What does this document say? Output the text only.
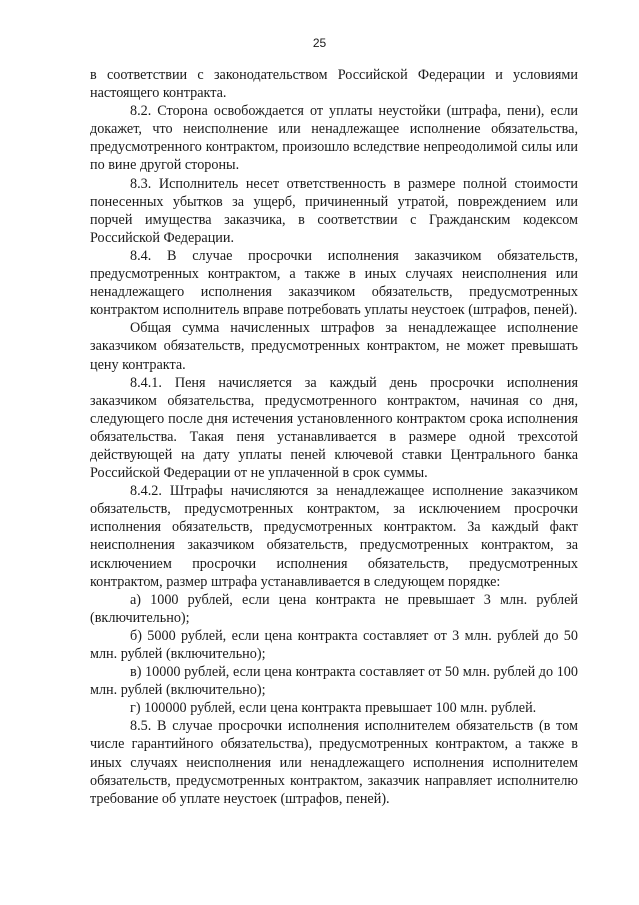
25

в соответствии с законодательством Российской Федерации и условиями настоящего контракта.

8.2. Сторона освобождается от уплаты неустойки (штрафа, пени), если докажет, что неисполнение или ненадлежащее исполнение обязательства, предусмотренного контрактом, произошло вследствие непреодолимой силы или по вине другой стороны.

8.3. Исполнитель несет ответственность в размере полной стоимости понесенных убытков за ущерб, причиненный утратой, повреждением или порчей имущества заказчика, в соответствии с Гражданским кодексом Российской Федерации.

8.4. В случае просрочки исполнения заказчиком обязательств, предусмотренных контрактом, а также в иных случаях неисполнения или ненадлежащего исполнения заказчиком обязательств, предусмотренных контрактом исполнитель вправе потребовать уплаты неустоек (штрафов, пеней).

Общая сумма начисленных штрафов за ненадлежащее исполнение заказчиком обязательств, предусмотренных контрактом, не может превышать цену контракта.

8.4.1. Пеня начисляется за каждый день просрочки исполнения заказчиком обязательства, предусмотренного контрактом, начиная со дня, следующего после дня истечения установленного контрактом срока исполнения обязательства. Такая пеня устанавливается в размере одной трехсотой действующей на дату уплаты пеней ключевой ставки Центрального банка Российской Федерации от не уплаченной в срок суммы.

8.4.2. Штрафы начисляются за ненадлежащее исполнение заказчиком обязательств, предусмотренных контрактом, за исключением просрочки исполнения обязательств, предусмотренных контрактом. За каждый факт неисполнения заказчиком обязательств, предусмотренных контрактом, за исключением просрочки исполнения обязательств, предусмотренных контрактом, размер штрафа устанавливается в следующем порядке:

а) 1000 рублей, если цена контракта не превышает 3 млн. рублей (включительно);

б) 5000 рублей, если цена контракта составляет от 3 млн. рублей до 50 млн. рублей (включительно);

в) 10000 рублей, если цена контракта составляет от 50 млн. рублей до 100 млн. рублей (включительно);

г) 100000 рублей, если цена контракта превышает 100 млн. рублей.

8.5. В случае просрочки исполнения исполнителем обязательств (в том числе гарантийного обязательства), предусмотренных контрактом, а также в иных случаях неисполнения или ненадлежащего исполнения исполнителем обязательств, предусмотренных контрактом, заказчик направляет исполнителю требование об уплате неустоек (штрафов, пеней).
